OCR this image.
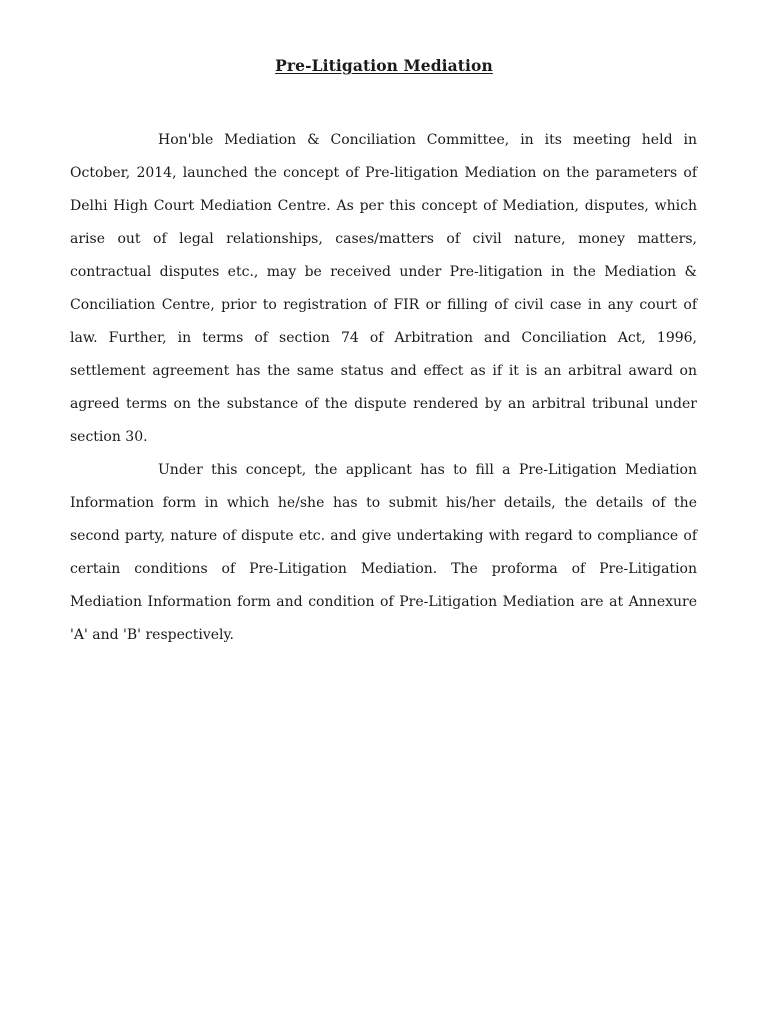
Pre-Litigation Mediation

Hon'ble Mediation & Conciliation Committee, in its meeting held in October, 2014, launched the concept of Pre-litigation Mediation on the parameters of Delhi High Court Mediation Centre. As per this concept of Mediation, disputes, which arise out of legal relationships, cases/matters of civil nature, money matters, contractual disputes etc., may be received under Pre-litigation in the Mediation & Conciliation Centre, prior to registration of FIR or filling of civil case in any court of law. Further, in terms of section 74 of Arbitration and Conciliation Act, 1996, settlement agreement has the same status and effect as if it is an arbitral award on agreed terms on the substance of the dispute rendered by an arbitral tribunal under section 30.

Under this concept, the applicant has to fill a Pre-Litigation Mediation Information form in which he/she has to submit his/her details, the details of the second party, nature of dispute etc. and give undertaking with regard to compliance of certain conditions of Pre-Litigation Mediation. The proforma of Pre-Litigation Mediation Information form and condition of Pre-Litigation Mediation are at Annexure 'A' and 'B' respectively.
